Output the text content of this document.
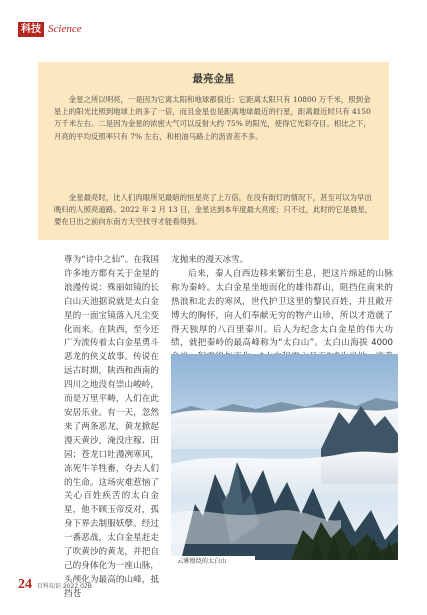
科技 Science
最亮金星

金星之所以明亮，一是因为它离太阳和地球都很近：它距离太阳只有 10800 万千米，照到金星上的阳光比照到地球上的多了一倍，而且金星也是距离地球最近的行星，距离最近时只有 4150 万千米左右。二是因为金星的浓密大气可以反射大约 75% 的阳光，使得它光彩夺目。相比之下，月亮的平均反照率只有 7% 左右，和柏油马路上的沥青差不多。

金星最亮时，比人们肉眼所见最暗的恒星亮了上万倍，在没有街灯的情况下，甚至可以为早出晚归的人照亮道路。2022 年 2 月 13 日，金星达到本年度最大亮度；只不过，此时的它是晨星，要在日出之前向东南方天空找寻才能看得到。

尊为“诗中之仙”。在我国许多地方都有关于金星的浪漫传说：殊丽如镜的长白山天池据说就是太白金星的一面宝镜落入凡尘变化而来。在陕西，至今还广为流传着太白金星勇斗恶龙的侠义故事。传说在远古时期，陕西和西南的四川之地没有崇山峻岭，而是万里平畴，人们在此安居乐业。有一天，忽然来了两条恶龙，黄龙掀起漫天黄沙，淹没庄稼、田园；苍龙口吐漫冽寒风，冻死牛羊牲畜，夺去人们的生命。这场灾难惹恼了关心百姓疾苦的太白金星，他不顾玉帝反对，孤身下界去制服妖孽。经过一番恶战，太白金星赶走了吹黄沙的黄龙，并把自己的身体化为一座山脉，头颅化为最高的山峰，抵挡苍

龙抛来的漫天冰雪。

后来，秦人自西边移来繁衍生息，把这片绵延的山脉称为秦岭。太白金星坐地而化的雄伟群山，阻挡住南来的热浪和北去的寒风，世代护卫这里的黎民百姓，并且敞开博大的胸怀，向人们奉献无穷的物产山珍，所以才造就了得天独厚的八百里秦川。后人为纪念太白金星的伟大功绩，就把秦岭的最高峰称为“太白山”。太白山海拔 4000

云雾缭绕的太白山
24 百科知识 2022.02B
